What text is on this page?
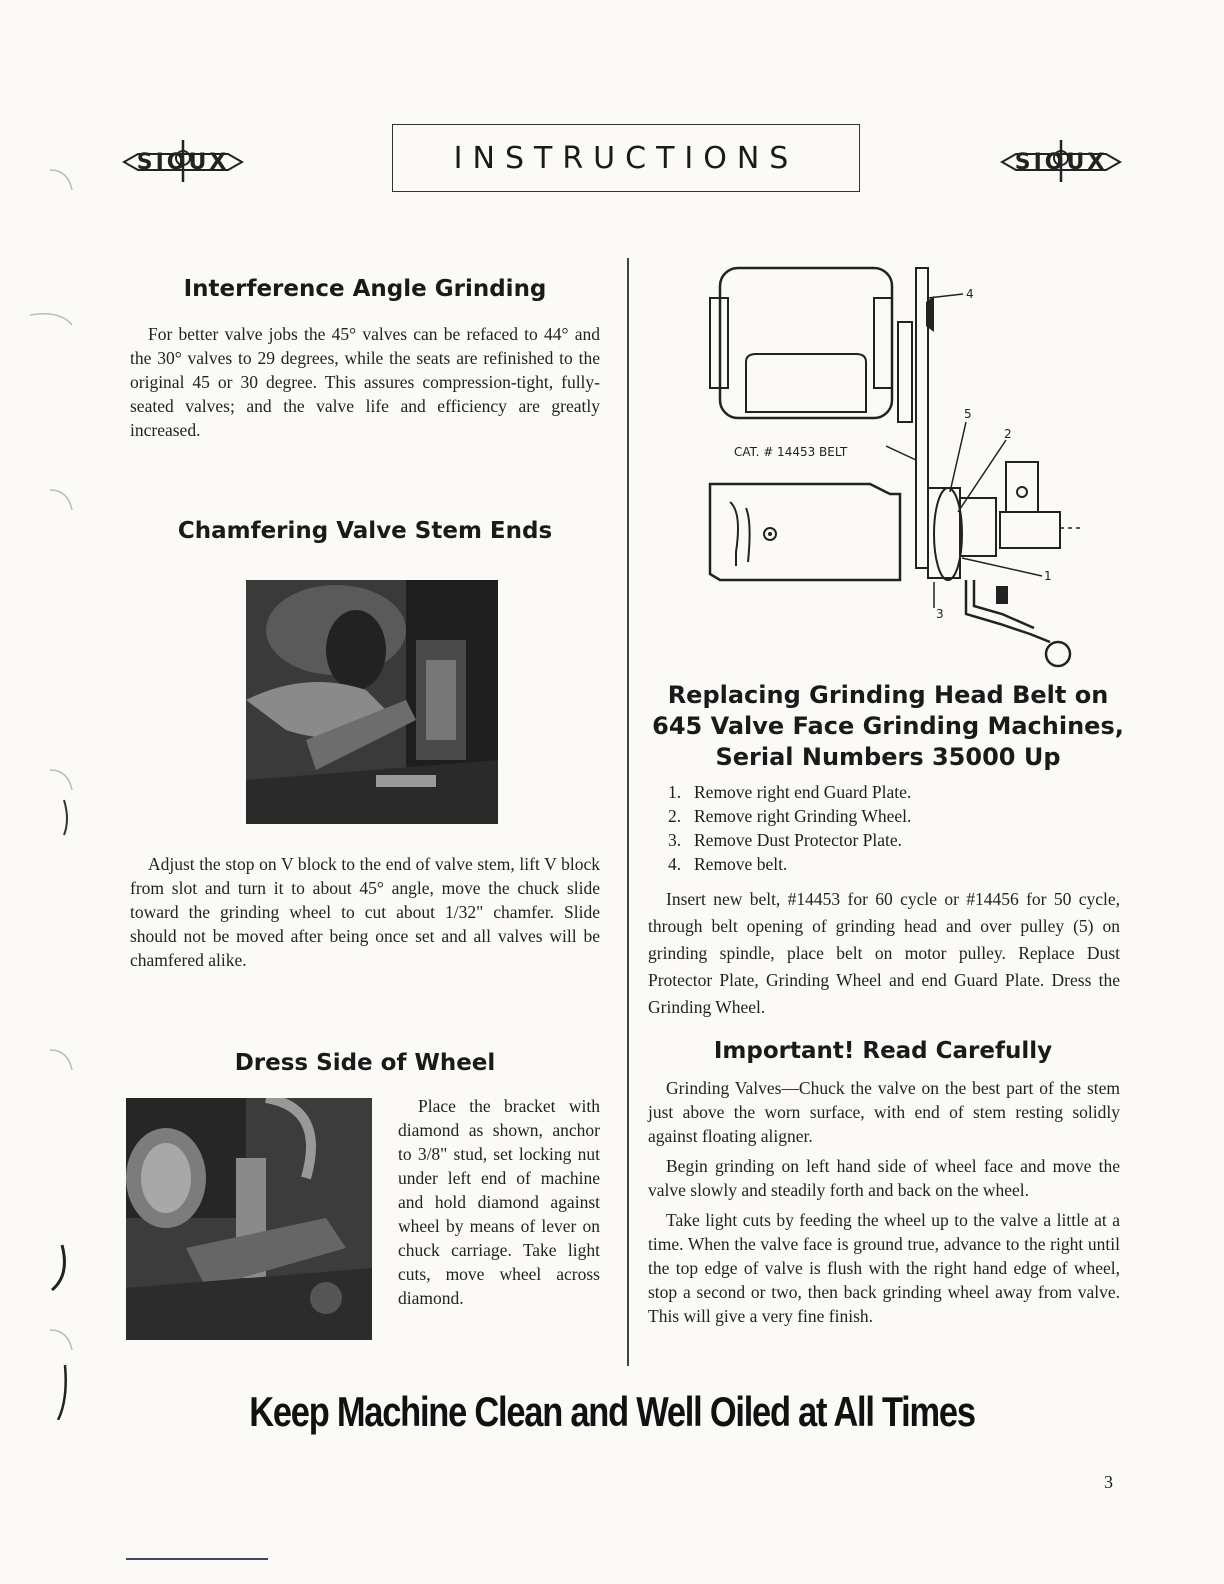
SIOUX	INSTRUCTIONS	SIOUX
Interference Angle Grinding

For better valve jobs the 45° valves can be refaced to 44° and the 30° valves to 29 degrees, while the seats are refinished to the original 45 or 30 degree. This assures compression-tight, fully-seated valves; and the valve life and efficiency are greatly increased.

Chamfering Valve Stem Ends

Adjust the stop on V block to the end of valve stem, lift V block from slot and turn it to about 45° angle, move the chuck slide toward the grinding wheel to cut about 1/32" chamfer. Slide should not be moved after being once set and all valves will be chamfered alike.

Dress Side of Wheel

Place the bracket with diamond as shown, anchor to 3/8" stud, set locking nut under left end of machine and hold diamond against wheel by means of lever on chuck carriage. Take light cuts, move wheel across diamond.

CAT. # 14453 BELT
4
5
2
1
3
Replacing Grinding Head Belt on
645 Valve Face Grinding Machines,
Serial Numbers 35000 Up
1. Remove right end Guard Plate.
2. Remove right Grinding Wheel.
3. Remove Dust Protector Plate.
4. Remove belt.

Insert new belt, #14453 for 60 cycle or #14456 for 50 cycle, through belt opening of grinding head and over pulley (5) on grinding spindle, place belt on motor pulley. Replace Dust Protector Plate, Grinding Wheel and end Guard Plate. Dress the Grinding Wheel.

Important! Read Carefully

Grinding Valves—Chuck the valve on the best part of the stem just above the worn surface, with end of stem resting solidly against floating aligner.

Begin grinding on left hand side of wheel face and move the valve slowly and steadily forth and back on the wheel.

Take light cuts by feeding the wheel up to the valve a little at a time. When the valve face is ground true, advance to the right until the top edge of valve is flush with the right hand edge of wheel, stop a second or two, then back grinding wheel away from valve. This will give a very fine finish.

Keep Machine Clean and Well Oiled at All Times
3
